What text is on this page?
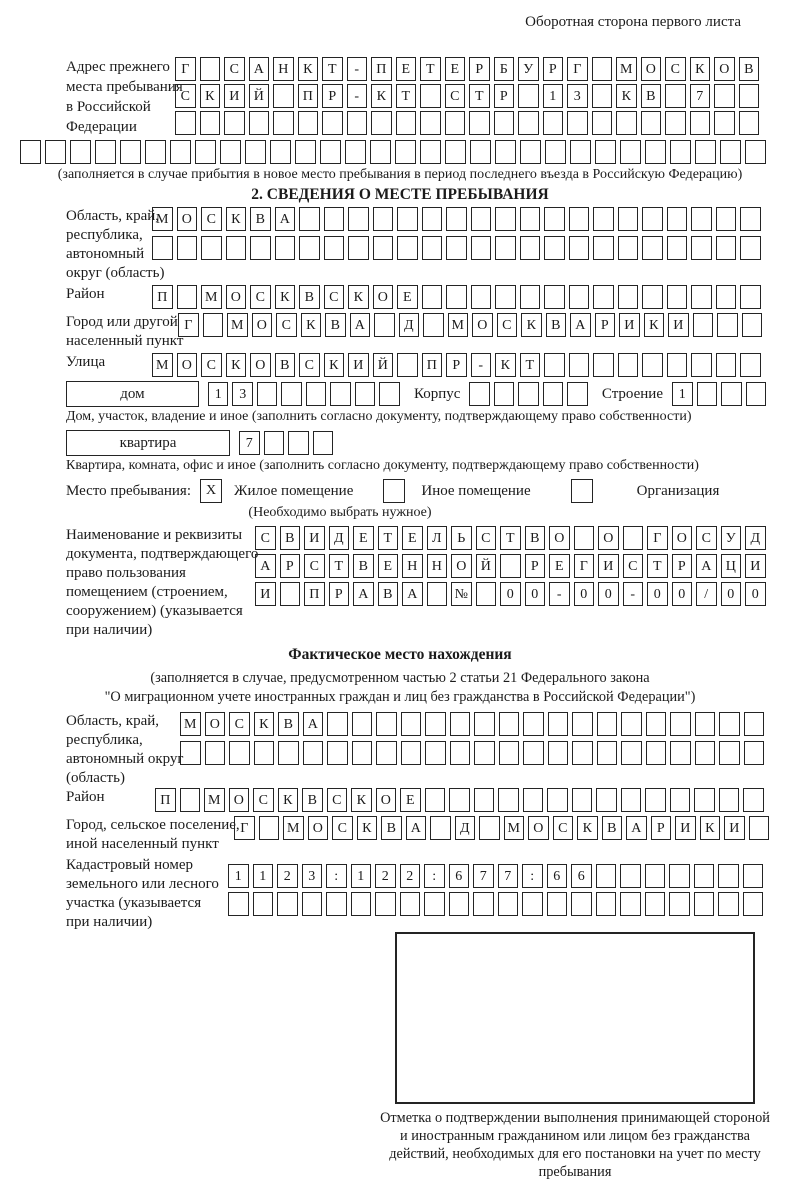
Оборотная сторона первого листа
Адрес прежнего
места пребывания
в Российской
Федерации
Г	С	А	Н	К	Т	-	П	Е	Т	Е	Р	Б	У	Р	Г	М О	С	К	О	В
С	К	И	Й	П	Р	-	К	Т	С	Т	Р	1	3	К	В	7
(заполняется в случае прибытия в новое место пребывания в период последнего въезда в Российскую Федерацию)
2. СВЕДЕНИЯ О МЕСТЕ ПРЕБЫВАНИЯ
Область, край,
республика,
автономный
округ (область)
М О	С	К	В	А
Район	П	М О	С	К	В	С	К	О	Е
Город или другой
населенный пункт
Г	М О	С	К	В	А	Д	М О	С	К	В	А	Р	И	К	И
Улица	М О	С	К	О	В	С	К	И	Й	П	Р	-	К	Т
дом	1	3	Корпус	Строение	1
Дом, участок, владение и иное (заполнить согласно документу, подтверждающему право собственности)
квартира	7
Квартира, комната, офис и иное (заполнить согласно документу, подтверждающему право собственности)
Место пребывания:	X	Жилое помещение	Иное помещение	Организация
(Необходимо выбрать нужное)
Наименование и реквизиты
документа, подтверждающего
право пользования
помещением (строением,
сооружением) (указывается
при наличии)
С	В	И	Д	Е	Т	Е	Л	Ь	С	Т	В	О	О	Г	О	С	У	Д
А	Р	С	Т	В	Е	Н	Н	О	Й	Р	Е	Г	И	С	Т	Р	А	Ц	И
И	П	Р	А	В	А	№	0	0	-	0	0	-	0	0	/	0	0
Фактическое место нахождения
(заполняется в случае, предусмотренном частью 2 статьи 21 Федерального закона
"О миграционном учете иностранных граждан и лиц без гражданства в Российской Федерации")
Область, край,
республика,
автономный округ
(область)
М О	С	К	В	А
Район	П	М О	С	К	В	С	К	О	Е
Город, сельское поселение,
иной населенный пункт
Г	М О	С	К	В	А	Д	М О	С	К	В	А	Р	И	К	И
Кадастровый номер
земельного или лесного
участка (указывается
при наличии)
1	1	2	3	:	1	2	2	:	6	7	7	:	6	6
Отметка о подтверждении выполнения принимающей стороной и иностранным гражданином или лицом без гражданства действий, необходимых для его постановки на учет по месту пребывания
